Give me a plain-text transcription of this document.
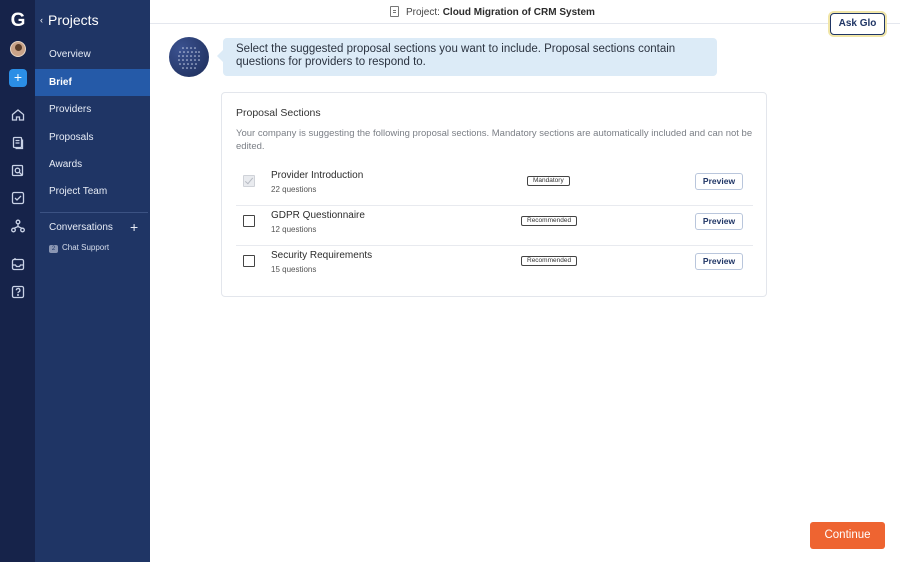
G
+
‹ Projects
Overview
Brief
Providers
Proposals
Awards
Project Team
Conversations +
2 Chat Support
Project: Cloud Migration of CRM System
Ask Glo
Select the suggested proposal sections you want to include. Proposal sections contain questions for providers to respond to.
Proposal Sections
Your company is suggesting the following proposal sections. Mandatory sections are automatically included and can not be edited.
Provider Introduction
22 questions
Mandatory	Preview
GDPR Questionnaire
12 questions
Recommended	Preview
Security Requirements
15 questions
Recommended	Preview
Continue
